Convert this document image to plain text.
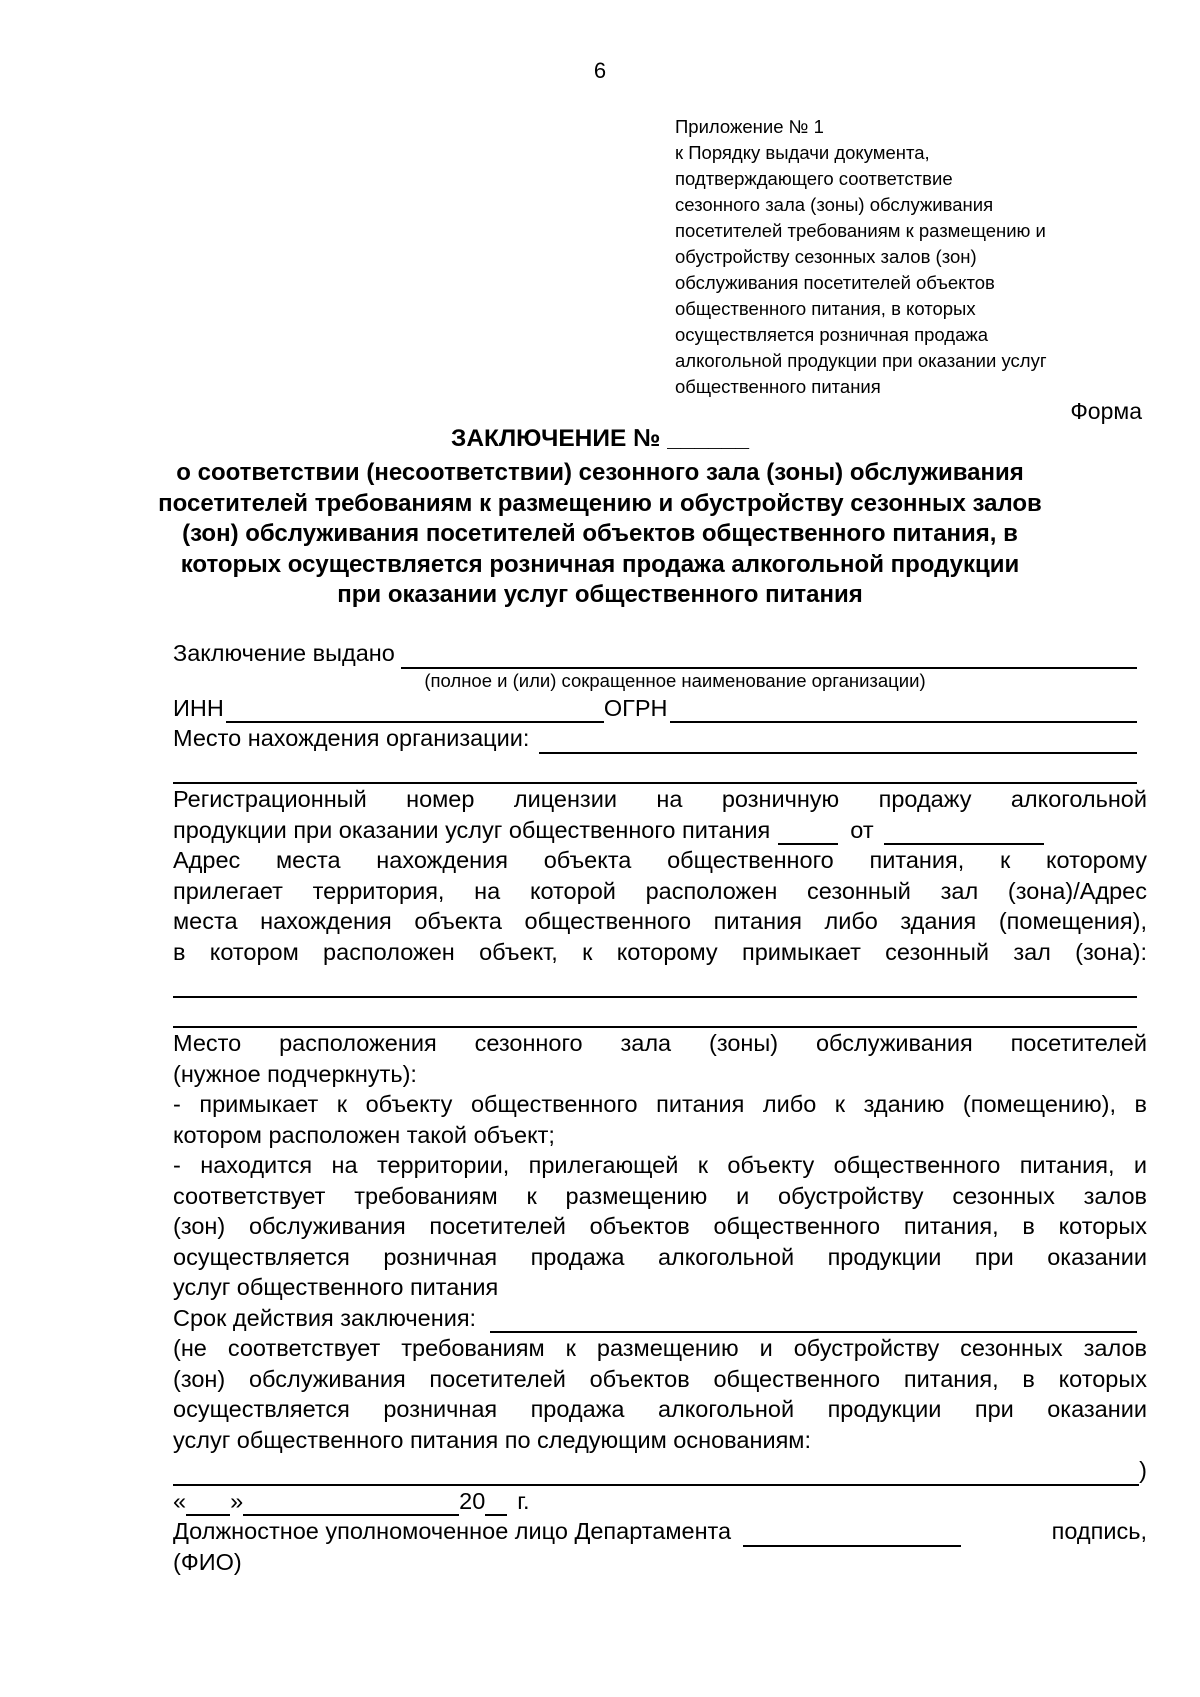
6
Приложение № 1
к Порядку выдачи документа,
подтверждающего соответствие
сезонного зала (зоны) обслуживания
посетителей требованиям к размещению и
обустройству сезонных залов (зон)
обслуживания посетителей объектов
общественного питания, в которых
осуществляется розничная продажа
алкогольной продукции при оказании услуг
общественного питания
Форма
ЗАКЛЮЧЕНИЕ № ______
о соответствии (несоответствии) сезонного зала (зоны) обслуживания
посетителей требованиям к размещению и обустройству сезонных залов
(зон) обслуживания посетителей объектов общественного питания, в
которых осуществляется розничная продажа алкогольной продукции
при оказании услуг общественного питания
Заключение выдано
(полное и (или) сокращенное наименование организации)
ИНН	ОГРН
Место нахождения организации:
Регистрационный номер лицензии на розничную продажу алкогольной
продукции при оказании услуг общественного питания	от
Адрес места нахождения объекта общественного питания, к которому
прилегает территория, на которой расположен сезонный зал (зона)/Адрес
места нахождения объекта общественного питания либо здания (помещения),
в котором расположен объект, к которому примыкает сезонный зал (зона):
Место расположения сезонного зала (зоны) обслуживания посетителей
(нужное подчеркнуть):
- примыкает к объекту общественного питания либо к зданию (помещению), в
котором расположен такой объект;
- находится на территории, прилегающей к объекту общественного питания, и
соответствует требованиям к размещению и обустройству сезонных залов
(зон) обслуживания посетителей объектов общественного питания, в которых
осуществляется розничная продажа алкогольной продукции при оказании
услуг общественного питания
Срок действия заключения:
(не соответствует требованиям к размещению и обустройству сезонных залов
(зон) обслуживания посетителей объектов общественного питания, в которых
осуществляется розничная продажа алкогольной продукции при оказании
услуг общественного питания по следующим основаниям:
)
« »	20 г.
Должностное уполномоченное лицо Департамента	подпись,
(ФИО)
